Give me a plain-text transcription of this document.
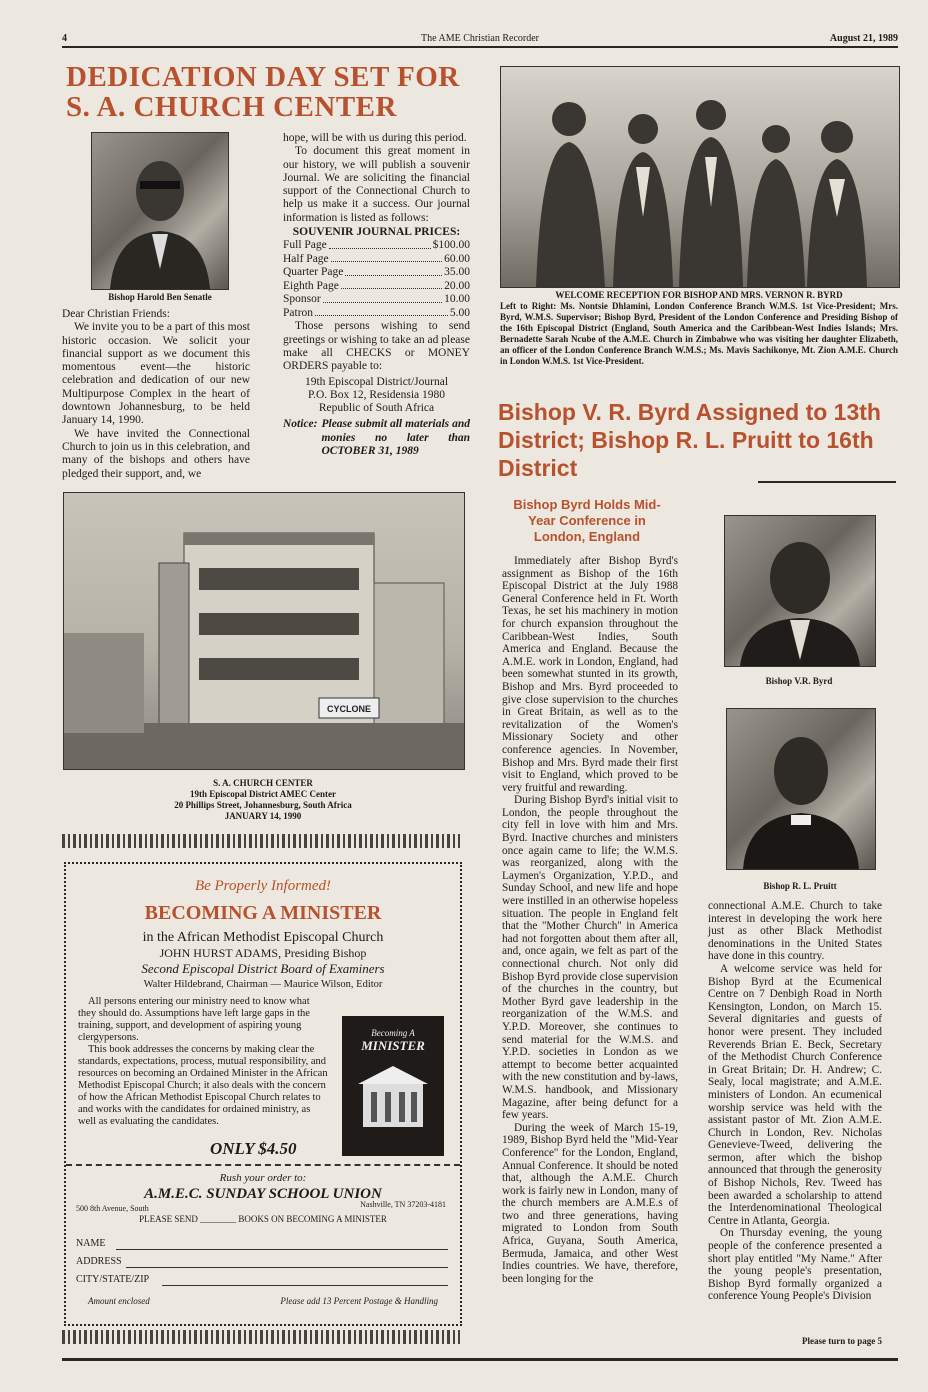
4	The AME Christian Recorder	August 21, 1989
DEDICATION DAY SET FOR
S. A. CHURCH CENTER
Bishop Harold Ben Senatle

Dear Christian Friends:

We invite you to be a part of this most historic occasion. We solicit your financial support as we document this momentous event—the historic celebration and dedication of our new Multipurpose Complex in the heart of downtown Johannesburg, to be held January 14, 1990.

We have invited the Connectional Church to join us in this celebration, and many of the bishops and others have pledged their support, and, we

hope, will be with us during this period.

To document this great moment in our history, we will publish a souvenir Journal. We are soliciting the financial support of the Connectional Church to help us make it a success. Our journal information is listed as follows:

SOUVENIR JOURNAL PRICES:
Full Page	$100.00
Half Page	60.00
Quarter Page	35.00
Eighth Page	20.00
Sponsor	10.00
Patron	5.00

Those persons wishing to send greetings or wishing to take an ad please make all CHECKS or MONEY ORDERS payable to:

19th Episcopal District/Journal
P.O. Box 12, Residensia 1980
Republic of South Africa
Notice: Please submit all materials and monies no later than OCTOBER 31, 1989
CYCLONE
S. A. CHURCH CENTER
19th Episcopal District AMEC Center
20 Phillips Street, Johannesburg, South Africa
JANUARY 14, 1990
Be Properly Informed!
BECOMING A MINISTER
in the African Methodist Episcopal Church
JOHN HURST ADAMS, Presiding Bishop
Second Episcopal District Board of Examiners
Walter Hildebrand, Chairman — Maurice Wilson, Editor

All persons entering our ministry need to know what they should do. Assumptions have left large gaps in the training, support, and development of aspiring young clergypersons.

This book addresses the concerns by making clear the standards, expectations, process, mutual responsibility, and resources on becoming an Ordained Minister in the African Methodist Episcopal Church; it also deals with the concern of how the African Methodist Episcopal Church relates to and works with the candidates for ordained ministry, as well as evaluating the candidates.

ONLY $4.50
Becoming A
MINISTER
Rush your order to:
A.M.E.C. SUNDAY SCHOOL UNION
500 8th Avenue, South	Nashville, TN 37203-4181
PLEASE SEND ________ BOOKS ON BECOMING A MINISTER
NAME
ADDRESS
CITY/STATE/ZIP
Amount enclosed	Please add 13 Percent Postage & Handling
WELCOME RECEPTION FOR BISHOP AND MRS. VERNON R. BYRD
Left to Right: Ms. Nontsie Dhlamini, London Conference Branch W.M.S. 1st Vice-President; Mrs. Byrd, W.M.S. Supervisor; Bishop Byrd, President of the London Conference and Presiding Bishop of the 16th Episcopal District (England, South America and the Caribbean-West Indies Islands; Mrs. Bernadette Sarah Ncube of the A.M.E. Church in Zimbabwe who was visiting her daughter Elizabeth, an officer of the London Conference Branch W.M.S.; Ms. Mavis Sachikonye, Mt. Zion A.M.E. Church in London W.M.S. 1st Vice-President.
Bishop V. R. Byrd Assigned to 13th District; Bishop R. L. Pruitt to 16th District
Bishop Byrd Holds Mid-Year Conference in London, England

Immediately after Bishop Byrd's assignment as Bishop of the 16th Episcopal District at the July 1988 General Conference held in Ft. Worth Texas, he set his machinery in motion for church expansion throughout the Caribbean-West Indies, South America and England. Because the A.M.E. work in London, England, had been somewhat stunted in its growth, Bishop and Mrs. Byrd proceeded to give close supervision to the churches in Great Britain, as well as to the revitalization of the Women's Missionary Society and other conference agencies. In November, Bishop and Mrs. Byrd made their first visit to England, which proved to be very fruitful and rewarding.

During Bishop Byrd's initial visit to London, the people throughout the city fell in love with him and Mrs. Byrd. Inactive churches and ministers once again came to life; the W.M.S. was reorganized, along with the Laymen's Organization, Y.P.D., and Sunday School, and new life and hope were instilled in an otherwise hopeless situation. The people in England felt that the ''Mother Church'' in America had not forgotten about them after all, and, once again, we felt as part of the connectional church. Not only did Bishop Byrd provide close supervision of the churches in the country, but Mother Byrd gave leadership in the reorganization of the W.M.S. and Y.P.D. Moreover, she continues to send material for the W.M.S. and Y.P.D. societies in London as we attempt to become better acquainted with the new constitution and by-laws, W.M.S. handbook, and Missionary Magazine, after being defunct for a few years.

During the week of March 15-19, 1989, Bishop Byrd held the ''Mid-Year Conference'' for the London, England, Annual Conference. It should be noted that, although the A.M.E. Church work is fairly new in London, many of the church members are A.M.E.s of two and three generations, having migrated to London from South Africa, Guyana, South America, Bermuda, Jamaica, and other West Indies countries. We have, therefore, been longing for the

Bishop V.R. Byrd
Bishop R. L. Pruitt

connectional A.M.E. Church to take interest in developing the work here just as other Black Methodist denominations in the United States have done in this country.

A welcome service was held for Bishop Byrd at the Ecumenical Centre on 7 Denbigh Road in North Kensington, London, on March 15. Several dignitaries and guests of honor were present. They included Reverends Brian E. Beck, Secretary of the Methodist Church Conference in Great Britain; Dr. H. Andrew; C. Sealy, local magistrate; and A.M.E. ministers of London. An ecumenical worship service was held with the assistant pastor of Mt. Zion A.M.E. Church in London, Rev. Nicholas Genevieve-Tweed, delivering the sermon, after which the bishop announced that through the generosity of Bishop Nichols, Rev. Tweed has been awarded a scholarship to attend the Interdenominational Theological Centre in Atlanta, Georgia.

On Thursday evening, the young people of the conference presented a short play entitled ''My Name.'' After the young people's presentation, Bishop Byrd formally organized a conference Young People's Division

Please turn to page 5
